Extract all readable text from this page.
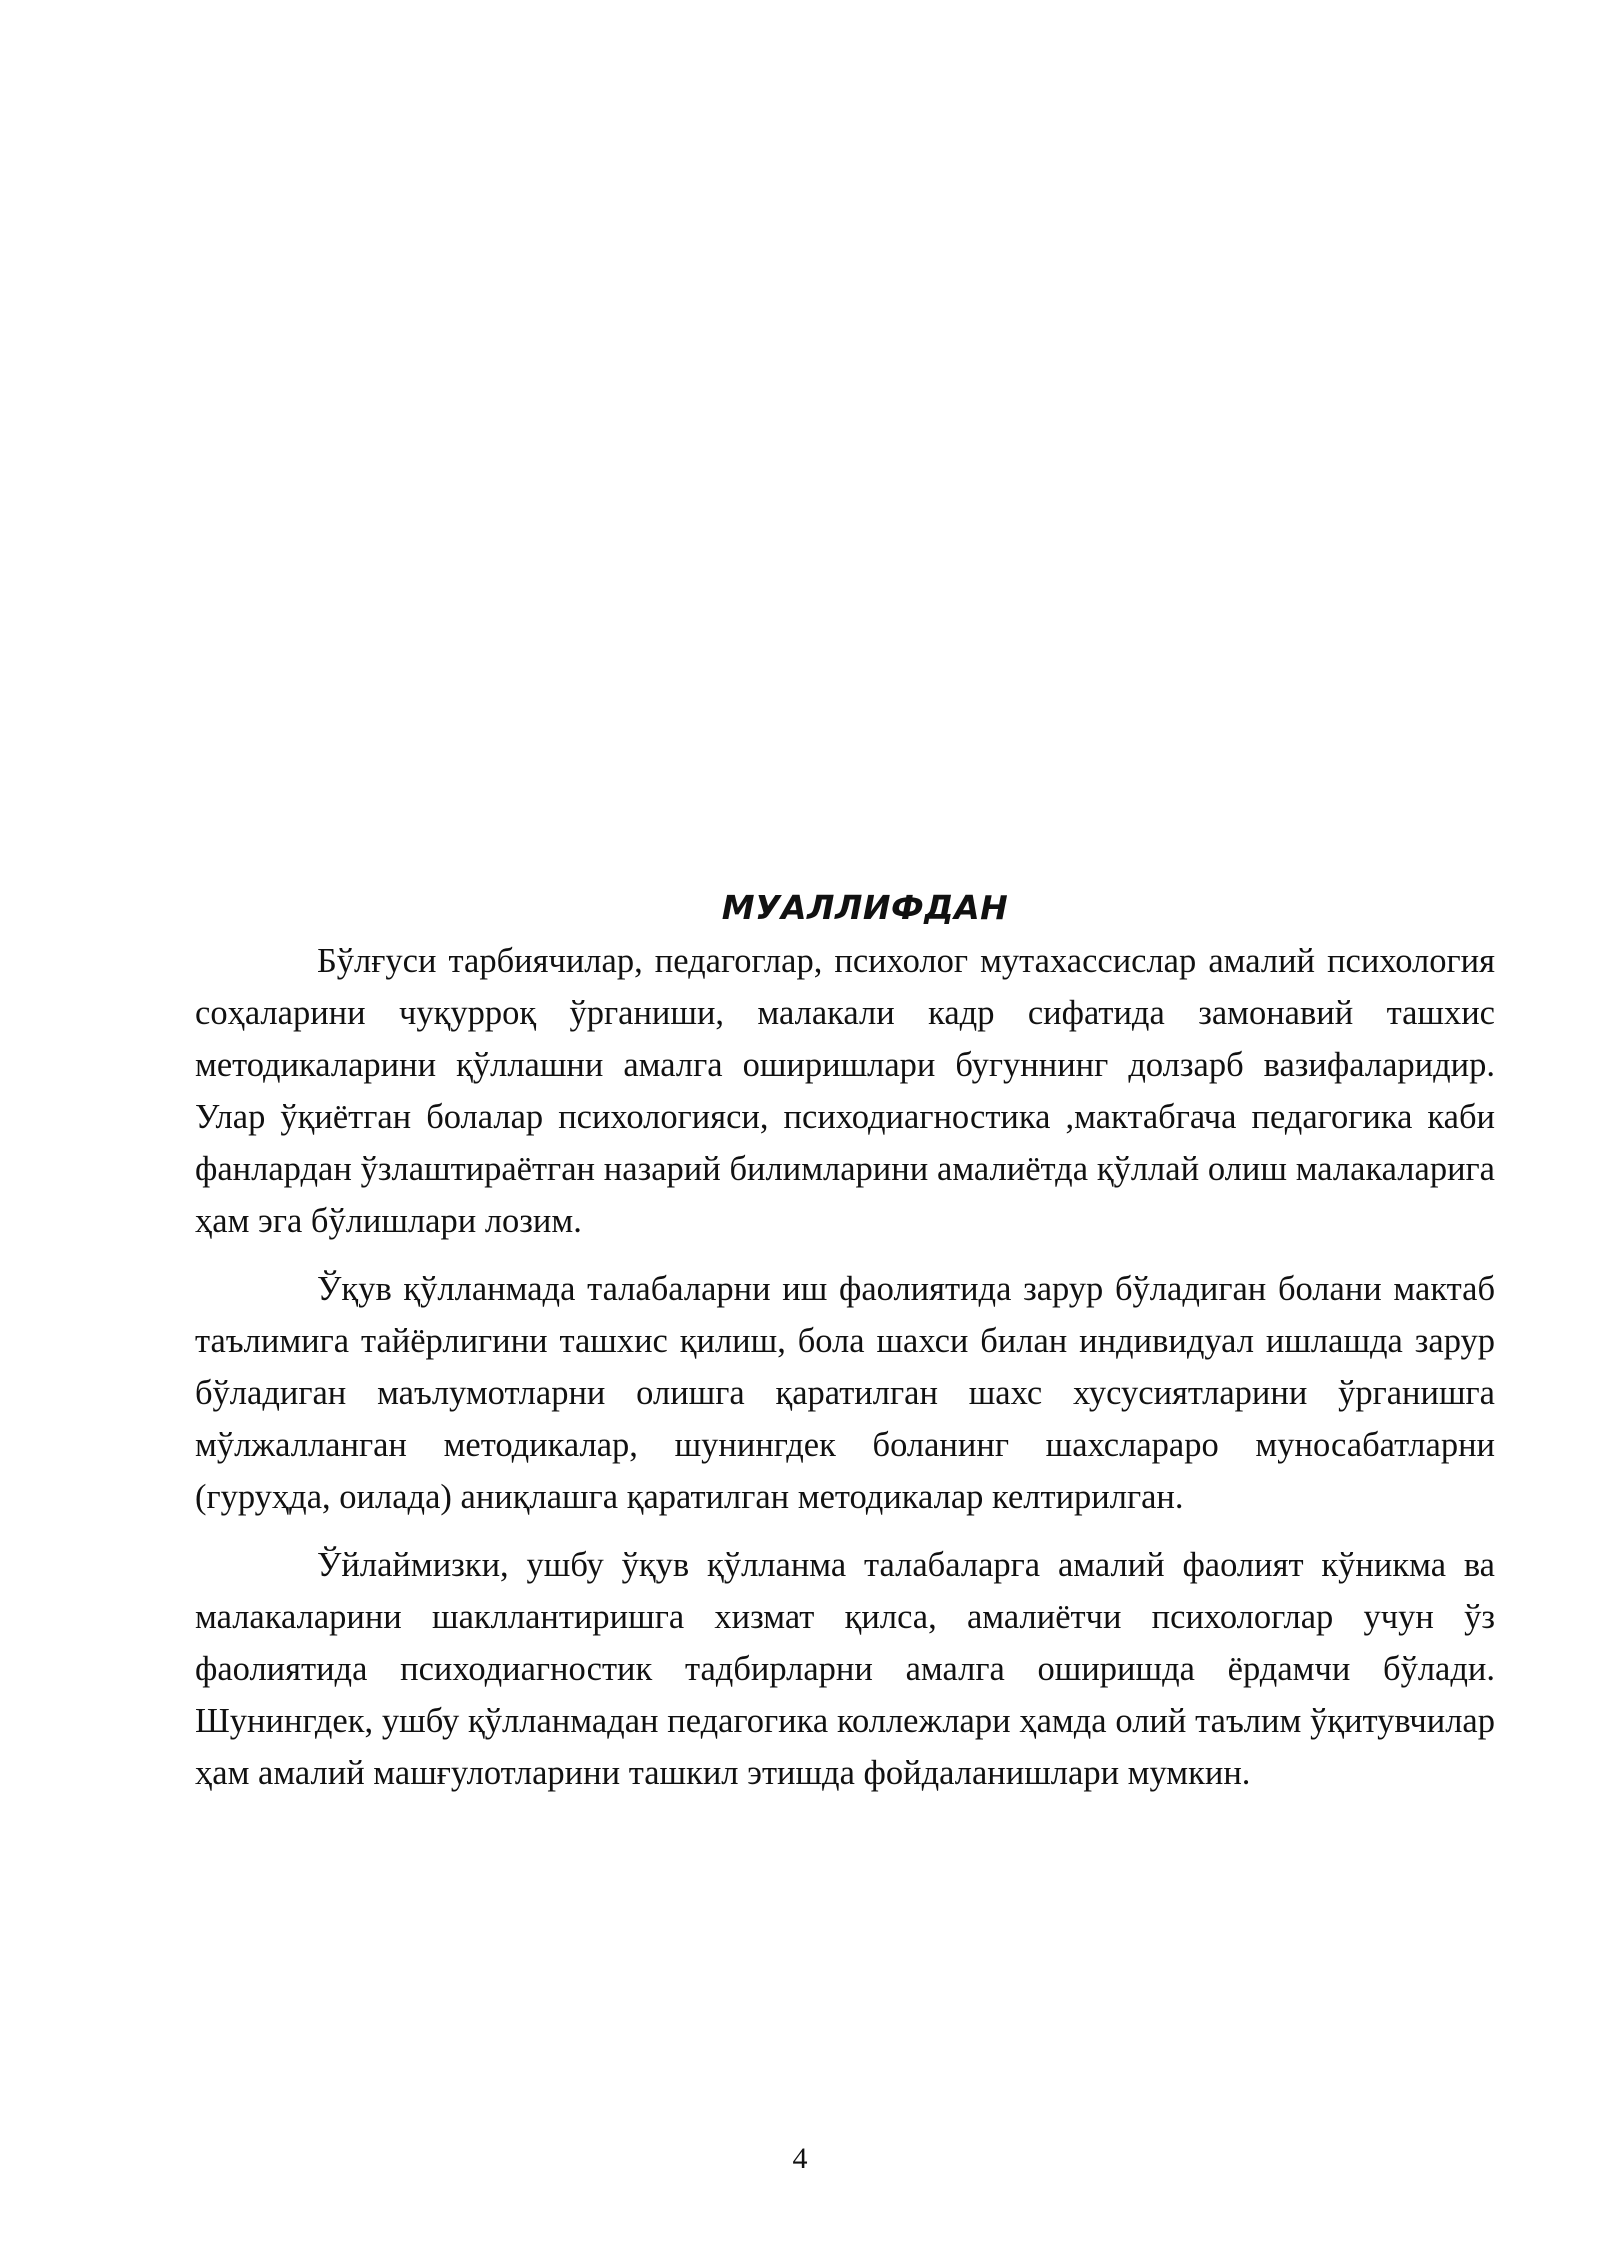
МУАЛЛИФДАН

Бўлғуси тарбиячилар, педагоглар, психолог мутахассислар амалий психология соҳаларини чуқурроқ ўрганиши, малакали кадр сифатида замонавий ташхис методикаларини қўллашни амалга оширишлари бугуннинг долзарб вазифаларидир. Улар ўқиётган болалар психологияси, психодиагностика ,мактабгача педагогика каби фанлардан ўзлаштираётган назарий билимларини амалиётда қўллай олиш малакаларига ҳам эга бўлишлари лозим.

Ўқув қўлланмада талабаларни иш фаолиятида зарур бўладиган болани мактаб таълимига тайёрлигини ташхис қилиш, бола шахси билан индивидуал ишлашда зарур бўладиган маълумотларни олишга қаратилган шахс хусусиятларини ўрганишга мўлжалланган методикалар, шунингдек боланинг шахслараро муносабатларни (гуруҳда, оилада) аниқлашга қаратилган методикалар келтирилган.

Ўйлаймизки, ушбу ўқув қўлланма талабаларга амалий фаолият кўникма ва малакаларини шакллантиришга хизмат қилса, амалиётчи психологлар учун ўз фаолиятида психодиагностик тадбирларни амалга оширишда ёрдамчи бўлади. Шунингдек, ушбу қўлланмадан педагогика коллежлари ҳамда олий таълим ўқитувчилар ҳам амалий машғулотларини ташкил этишда фойдаланишлари мумкин.

4
